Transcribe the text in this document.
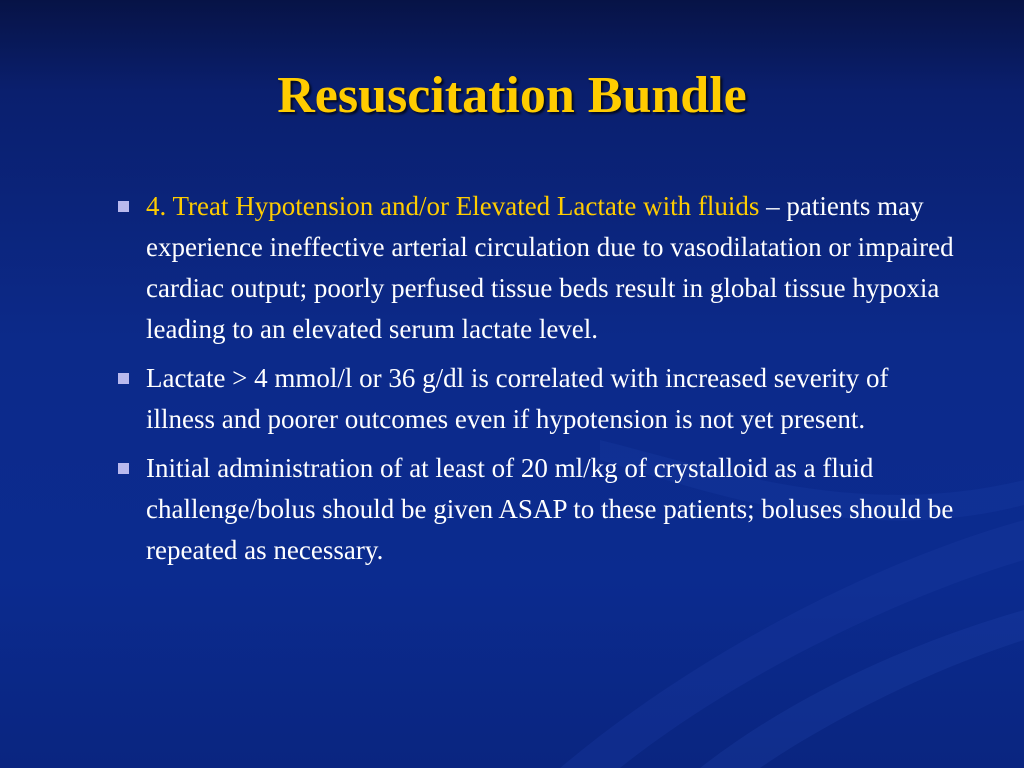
Resuscitation Bundle
4. Treat Hypotension and/or Elevated Lactate with fluids – patients may experience ineffective arterial circulation due to vasodilatation or impaired cardiac output; poorly perfused tissue beds result in global tissue hypoxia leading to an elevated serum lactate level.
Lactate > 4 mmol/l or 36 g/dl is correlated with increased severity of illness and poorer outcomes even if hypotension is not yet present.
Initial administration of at least of 20 ml/kg of crystalloid as a fluid challenge/bolus should be given ASAP to these patients; boluses should be repeated as necessary.
